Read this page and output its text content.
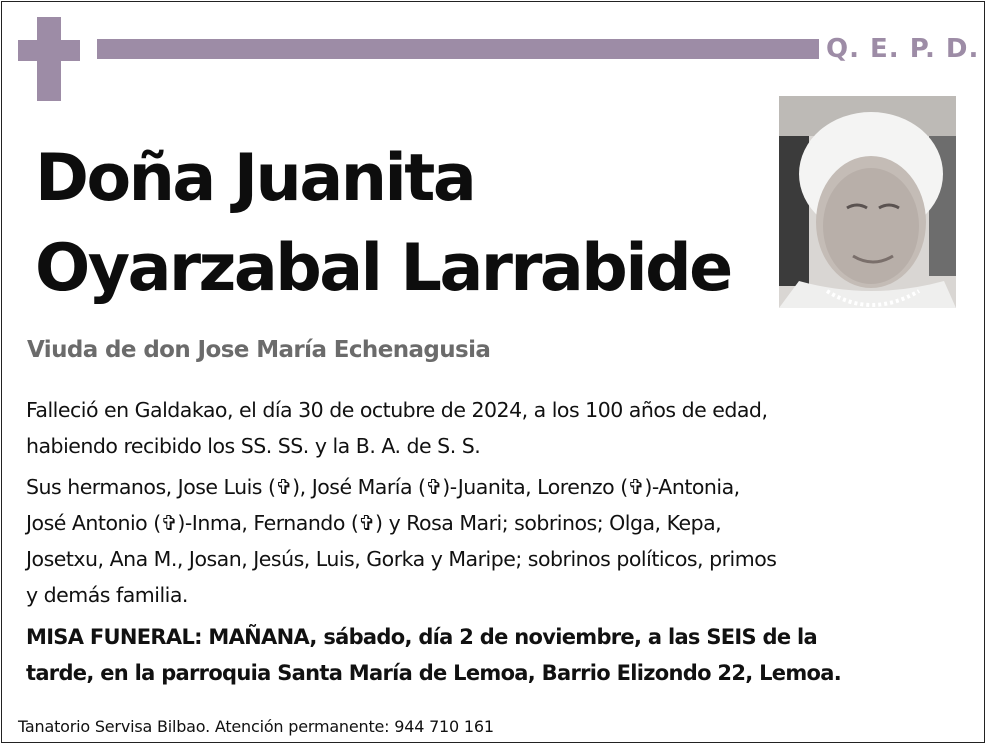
Q. E. P. D.
Doña Juanita
Oyarzabal Larrabide
Viuda de don Jose María Echenagusia
Falleció en Galdakao, el día 30 de octubre de 2024, a los 100 años de edad,
habiendo recibido los SS. SS. y la B. A. de S. S.
Sus hermanos, Jose Luis (✞), José María (✞)-Juanita, Lorenzo (✞)-Antonia,
José Antonio (✞)-Inma, Fernando (✞) y Rosa Mari; sobrinos; Olga, Kepa,
Josetxu, Ana M., Josan, Jesús, Luis, Gorka y Maripe; sobrinos políticos, primos
y demás familia.
MISA FUNERAL: MAÑANA, sábado, día 2 de noviembre, a las SEIS de la
tarde, en la parroquia Santa María de Lemoa, Barrio Elizondo 22, Lemoa.
Tanatorio Servisa Bilbao. Atención permanente: 944 710 161
